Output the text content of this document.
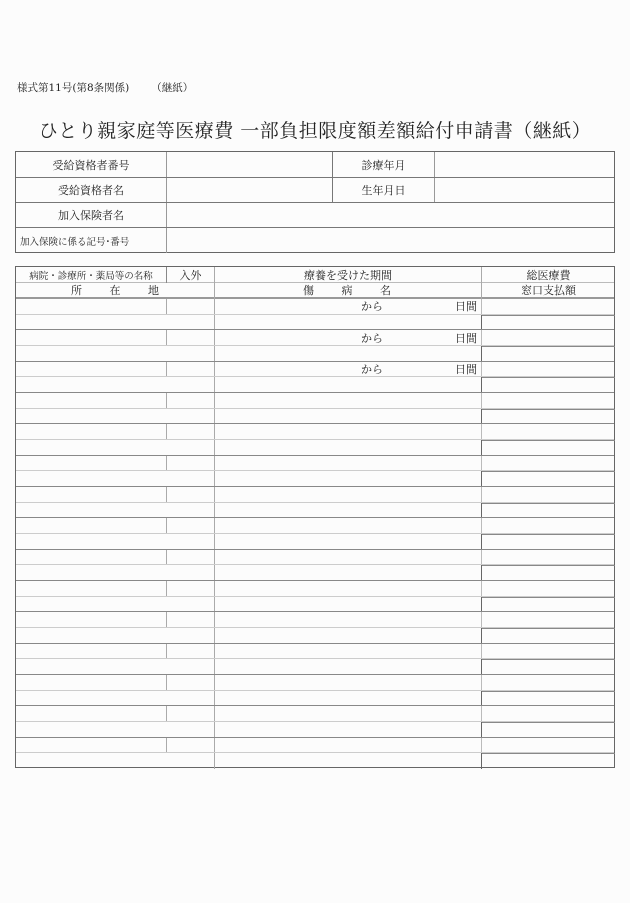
様式第11号(第8条関係) （継紙）
ひとり親家庭等医療費 一部負担限度額差額給付申請書（継紙）
受給資格者番号	診療年月
受給資格者名	生年月日
加入保険者名
加入保険に係る記号･番号
病院・診療所・薬局等の名称	入外	療養を受けた期間	総医療費
所 在 地	傷 病 名	窓口支払額
から	日間
から	日間
から	日間
